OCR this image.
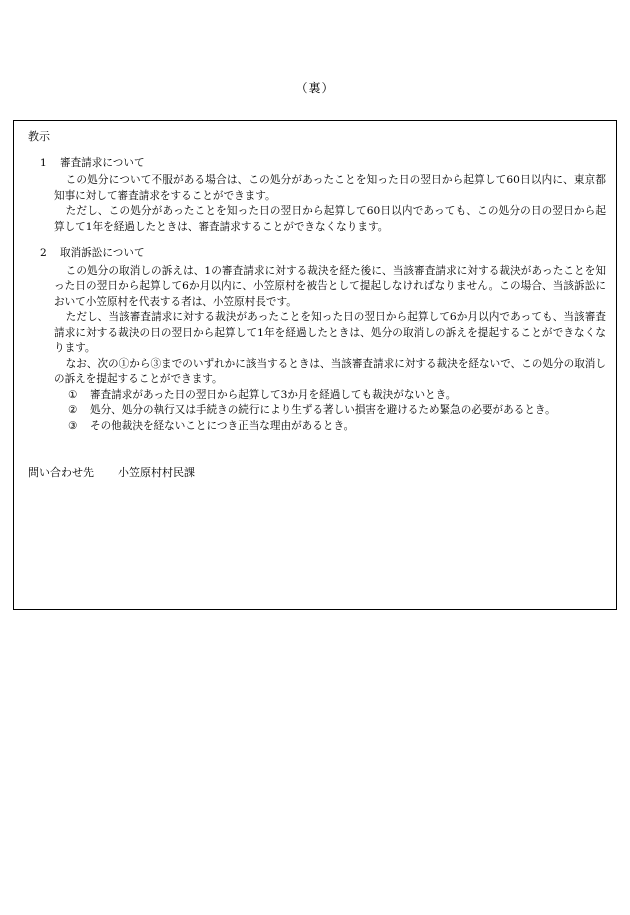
（裏）
教示
1 審査請求について

この処分について不服がある場合は、この処分があったことを知った日の翌日から起算して60日以内に、東京都知事に対して審査請求をすることができます。

ただし、この処分があったことを知った日の翌日から起算して60日以内であっても、この処分の日の翌日から起算して1年を経過したときは、審査請求することができなくなります。

2 取消訴訟について

この処分の取消しの訴えは、1の審査請求に対する裁決を経た後に、当該審査請求に対する裁決があったことを知った日の翌日から起算して6か月以内に、小笠原村を被告として提起しなければなりません。この場合、当該訴訟において小笠原村を代表する者は、小笠原村長です。

ただし、当該審査請求に対する裁決があったことを知った日の翌日から起算して6か月以内であっても、当該審査請求に対する裁決の日の翌日から起算して1年を経過したときは、処分の取消しの訴えを提起することができなくなります。

なお、次の①から③までのいずれかに該当するときは、当該審査請求に対する裁決を経ないで、この処分の取消しの訴えを提起することができます。

① 審査請求があった日の翌日から起算して3か月を経過しても裁決がないとき。
② 処分、処分の執行又は手続きの続行により生ずる著しい損害を避けるため緊急の必要があるとき。
③ その他裁決を経ないことにつき正当な理由があるとき。
問い合わせ先 小笠原村村民課
